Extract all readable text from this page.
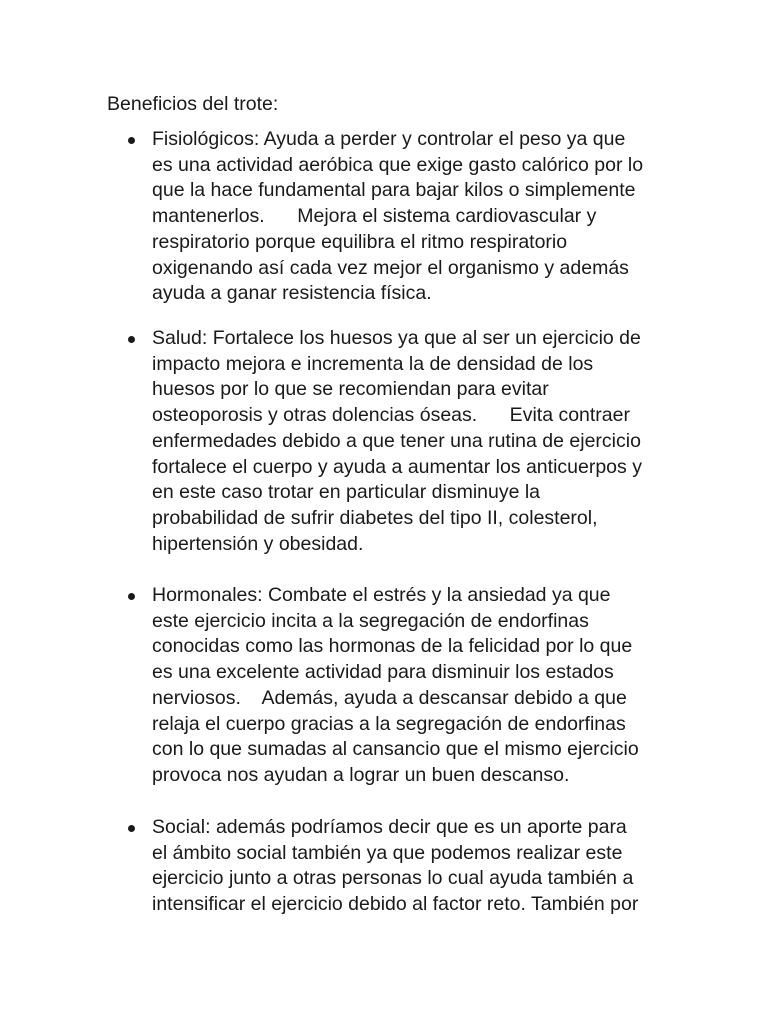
Beneficios del trote:
Fisiológicos: Ayuda a perder y controlar el peso ya que
es una actividad aeróbica que exige gasto calórico por lo
que la hace fundamental para bajar kilos o simplemente
mantenerlos.      Mejora el sistema cardiovascular y
respiratorio porque equilibra el ritmo respiratorio
oxigenando así cada vez mejor el organismo y además
ayuda a ganar resistencia física.
Salud: Fortalece los huesos ya que al ser un ejercicio de
impacto mejora e incrementa la de densidad de los
huesos por lo que se recomiendan para evitar
osteoporosis y otras dolencias óseas.      Evita contraer
enfermedades debido a que tener una rutina de ejercicio
fortalece el cuerpo y ayuda a aumentar los anticuerpos y
en este caso trotar en particular disminuye la
probabilidad de sufrir diabetes del tipo II, colesterol,
hipertensión y obesidad.
Hormonales: Combate el estrés y la ansiedad ya que
este ejercicio incita a la segregación de endorfinas
conocidas como las hormonas de la felicidad por lo que
es una excelente actividad para disminuir los estados
nerviosos.    Además, ayuda a descansar debido a que
relaja el cuerpo gracias a la segregación de endorfinas
con lo que sumadas al cansancio que el mismo ejercicio
provoca nos ayudan a lograr un buen descanso.
Social: además podríamos decir que es un aporte para
el ámbito social también ya que podemos realizar este
ejercicio junto a otras personas lo cual ayuda también a
intensificar el ejercicio debido al factor reto. También por
